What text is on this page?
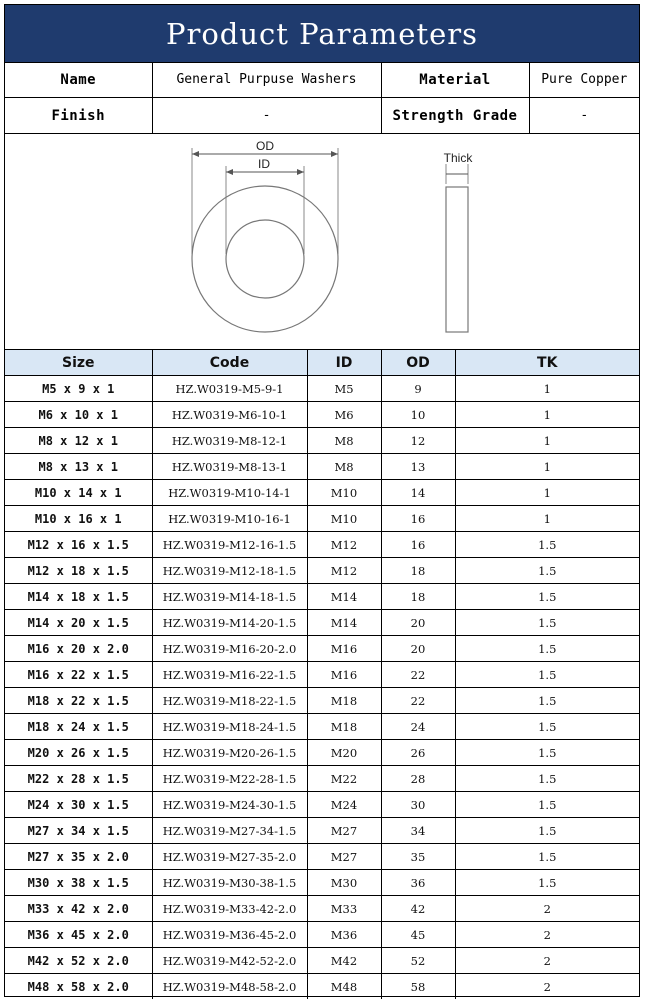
Product Parameters
Name	General Purpuse Washers	Material	Pure Copper
Finish	-	Strength Grade	-
OD
ID	Thick
Size	Code	ID	OD	TK
M5 x 9 x 1	HZ.W0319-M5-9-1	M5	9	1
M6 x 10 x 1	HZ.W0319-M6-10-1	M6	10	1
M8 x 12 x 1	HZ.W0319-M8-12-1	M8	12	1
M8 x 13 x 1	HZ.W0319-M8-13-1	M8	13	1
M10 x 14 x 1	HZ.W0319-M10-14-1	M10	14	1
M10 x 16 x 1	HZ.W0319-M10-16-1	M10	16	1
M12 x 16 x 1.5	HZ.W0319-M12-16-1.5	M12	16	1.5
M12 x 18 x 1.5	HZ.W0319-M12-18-1.5	M12	18	1.5
M14 x 18 x 1.5	HZ.W0319-M14-18-1.5	M14	18	1.5
M14 x 20 x 1.5	HZ.W0319-M14-20-1.5	M14	20	1.5
M16 x 20 x 2.0	HZ.W0319-M16-20-2.0	M16	20	1.5
M16 x 22 x 1.5	HZ.W0319-M16-22-1.5	M16	22	1.5
M18 x 22 x 1.5	HZ.W0319-M18-22-1.5	M18	22	1.5
M18 x 24 x 1.5	HZ.W0319-M18-24-1.5	M18	24	1.5
M20 x 26 x 1.5	HZ.W0319-M20-26-1.5	M20	26	1.5
M22 x 28 x 1.5	HZ.W0319-M22-28-1.5	M22	28	1.5
M24 x 30 x 1.5	HZ.W0319-M24-30-1.5	M24	30	1.5
M27 x 34 x 1.5	HZ.W0319-M27-34-1.5	M27	34	1.5
M27 x 35 x 2.0	HZ.W0319-M27-35-2.0	M27	35	1.5
M30 x 38 x 1.5	HZ.W0319-M30-38-1.5	M30	36	1.5
M33 x 42 x 2.0	HZ.W0319-M33-42-2.0	M33	42	2
M36 x 45 x 2.0	HZ.W0319-M36-45-2.0	M36	45	2
M42 x 52 x 2.0	HZ.W0319-M42-52-2.0	M42	52	2
M48 x 58 x 2.0	HZ.W0319-M48-58-2.0	M48	58	2
